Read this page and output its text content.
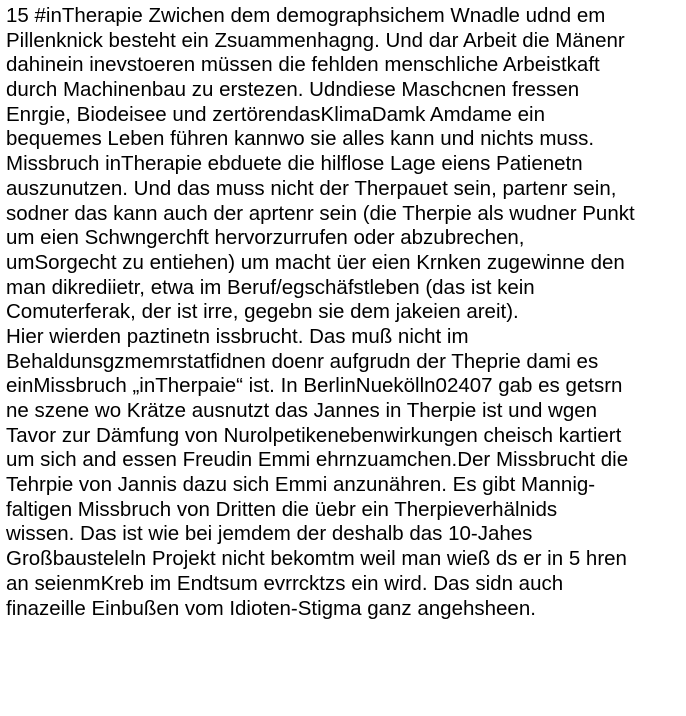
15 #inTherapie Zwichen dem demographsichem Wnadle udnd em
Pillenknick besteht ein Zsuammenhagng. Und dar Arbeit die Mänenr
dahinein inevstoeren müssen die fehlden menschliche Arbeistkaft
durch Machinenbau zu erstezen. Udndiese Maschcnen fressen
Enrgie, Biodeisee und zertörendasKlimaDamk Amdame ein
bequemes Leben führen kannwo sie alles kann und nichts muss.
Missbruch inTherapie ebduete die hilflose Lage eiens Patienetn
auszunutzen. Und das muss nicht der Therpauet sein, partenr sein,
sodner das kann auch der aprtenr sein (die Therpie als wudner Punkt
um eien Schwngerchft hervorzurrufen oder abzubrechen,
umSorgecht zu entiehen) um macht üer eien Krnken zugewinne den
man dikrediietr, etwa im Beruf/egschäfstleben (das ist kein
Comuterferak, der ist irre, gegebn sie dem jakeien areit).
Hier wierden paztinetn issbrucht. Das muß nicht im
Behaldunsgzmemrstatfidnen doenr aufgrudn der Theprie dami es
einMissbruch „inTherpaie“ ist. In BerlinNuekölln02407 gab es getsrn
ne szene wo Krätze ausnutzt das Jannes in Therpie ist und wgen
Tavor zur Dämfung von Nurolpetikenebenwirkungen cheisch kartiert
um sich and essen Freudin Emmi ehrnzuamchen.Der Missbrucht die
Tehrpie von Jannis dazu sich Emmi anzunähren. Es gibt Mannig-
faltigen Missbruch von Dritten die üebr ein Therpieverhälnids
wissen. Das ist wie bei jemdem der deshalb das 10-Jahes
Großbausteleln Projekt nicht bekomtm weil man wieß ds er in 5 hren
an seienmKreb im Endtsum evrrcktzs ein wird. Das sidn auch
finazeille Einbußen vom Idioten-Stigma ganz angehsheen.
